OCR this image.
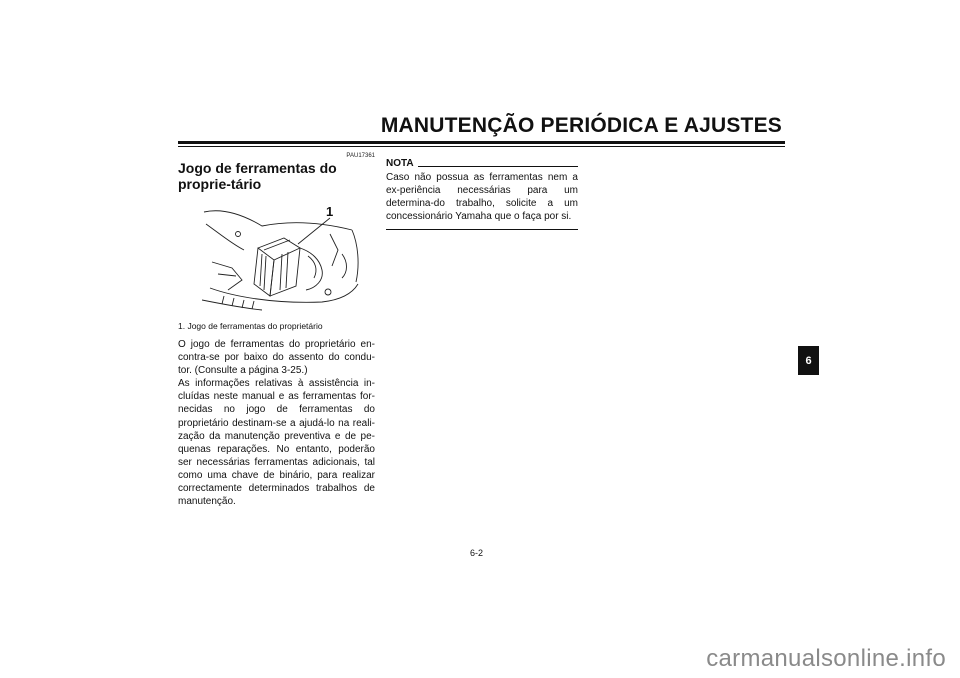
MANUTENÇÃO PERIÓDICA E AJUSTES
PAU17361
Jogo de ferramentas do proprie-tário
1
1. Jogo de ferramentas do proprietário

O jogo de ferramentas do proprietário en-contra-se por baixo do assento do condu-tor. (Consulte a página 3-25.)

As informações relativas à assistência in-cluídas neste manual e as ferramentas for-necidas no jogo de ferramentas do proprietário destinam-se a ajudá-lo na reali-zação da manutenção preventiva e de pe-quenas reparações. No entanto, poderão ser necessárias ferramentas adicionais, tal como uma chave de binário, para realizar correctamente determinados trabalhos de manutenção.

NOTA
Caso não possua as ferramentas nem a ex-periência necessárias para um determina-do trabalho, solicite a um concessionário Yamaha que o faça por si.
6
6-2
carmanualsonline.info
